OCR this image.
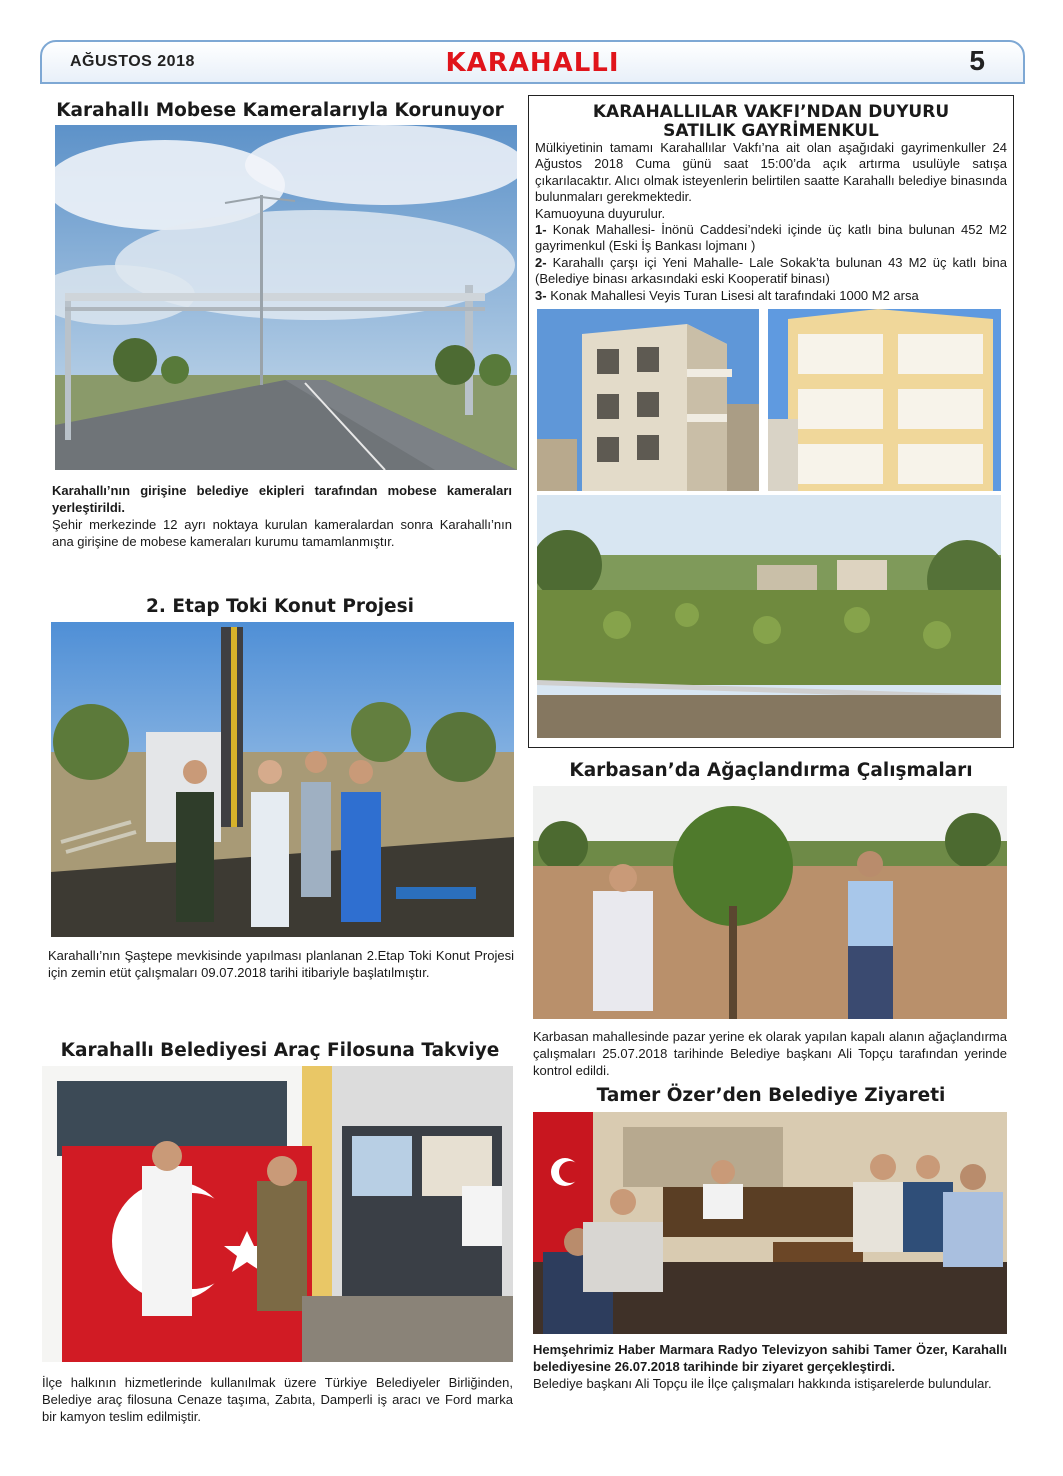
AĞUSTOS 2018	KARAHALLI	5
Karahallı Mobese Kameralarıyla Korunuyor
Karahallı’nın girişine belediye ekipleri tarafından mobese kameraları yerleştirildi.
Şehir merkezinde 12 ayrı noktaya kurulan kameralardan sonra Karahallı’nın ana girişine de mobese kameraları kurumu tamamlanmıştır.
2. Etap Toki Konut Projesi
Karahallı’nın Şaştepe mevkisinde yapılması planlanan 2.Etap Toki Konut Projesi için zemin etüt çalışmaları 09.07.2018 tarihi itibariyle başlatılmıştır.
Karahallı Belediyesi Araç Filosuna Takviye
İlçe halkının hizmetlerinde kullanılmak üzere Türkiye Belediyeler Birliğinden, Belediye araç filosuna Cenaze taşıma, Zabıta, Damperli iş aracı ve Ford marka bir kamyon teslim edilmiştir.
KARAHALLILAR VAKFI’NDAN DUYURU
SATILIK GAYRİMENKUL
Mülkiyetinin tamamı Karahallılar Vakfı’na ait olan aşağıdaki gayrimenkuller 24 Ağustos 2018 Cuma günü saat 15:00’da açık artırma usulüyle satışa çıkarılacaktır. Alıcı olmak isteyenlerin belirtilen saatte Karahallı belediye binasında bulunmaları gerekmektedir.
Kamuoyuna duyurulur.
1- Konak Mahallesi- İnönü Caddesi’ndeki içinde üç katlı bina bulunan 452 M2 gayrimenkul (Eski İş Bankası lojmanı )
2- Karahallı çarşı içi Yeni Mahalle- Lale Sokak’ta bulunan 43 M2 üç katlı bina (Belediye binası arkasındaki eski Kooperatif binası)
3- Konak Mahallesi Veyis Turan Lisesi alt tarafındaki 1000 M2 arsa
Karbasan’da Ağaçlandırma Çalışmaları
Karbasan mahallesinde pazar yerine ek olarak yapılan kapalı alanın ağaçlandırma çalışmaları 25.07.2018 tarihinde Belediye başkanı Ali Topçu tarafından yerinde kontrol edildi.
Tamer Özer’den Belediye Ziyareti
Hemşehrimiz Haber Marmara Radyo Televizyon sahibi Tamer Özer, Karahallı belediyesine 26.07.2018 tarihinde bir ziyaret gerçekleştirdi.
Belediye başkanı Ali Topçu ile İlçe çalışmaları hakkında istişarelerde bulundular.
